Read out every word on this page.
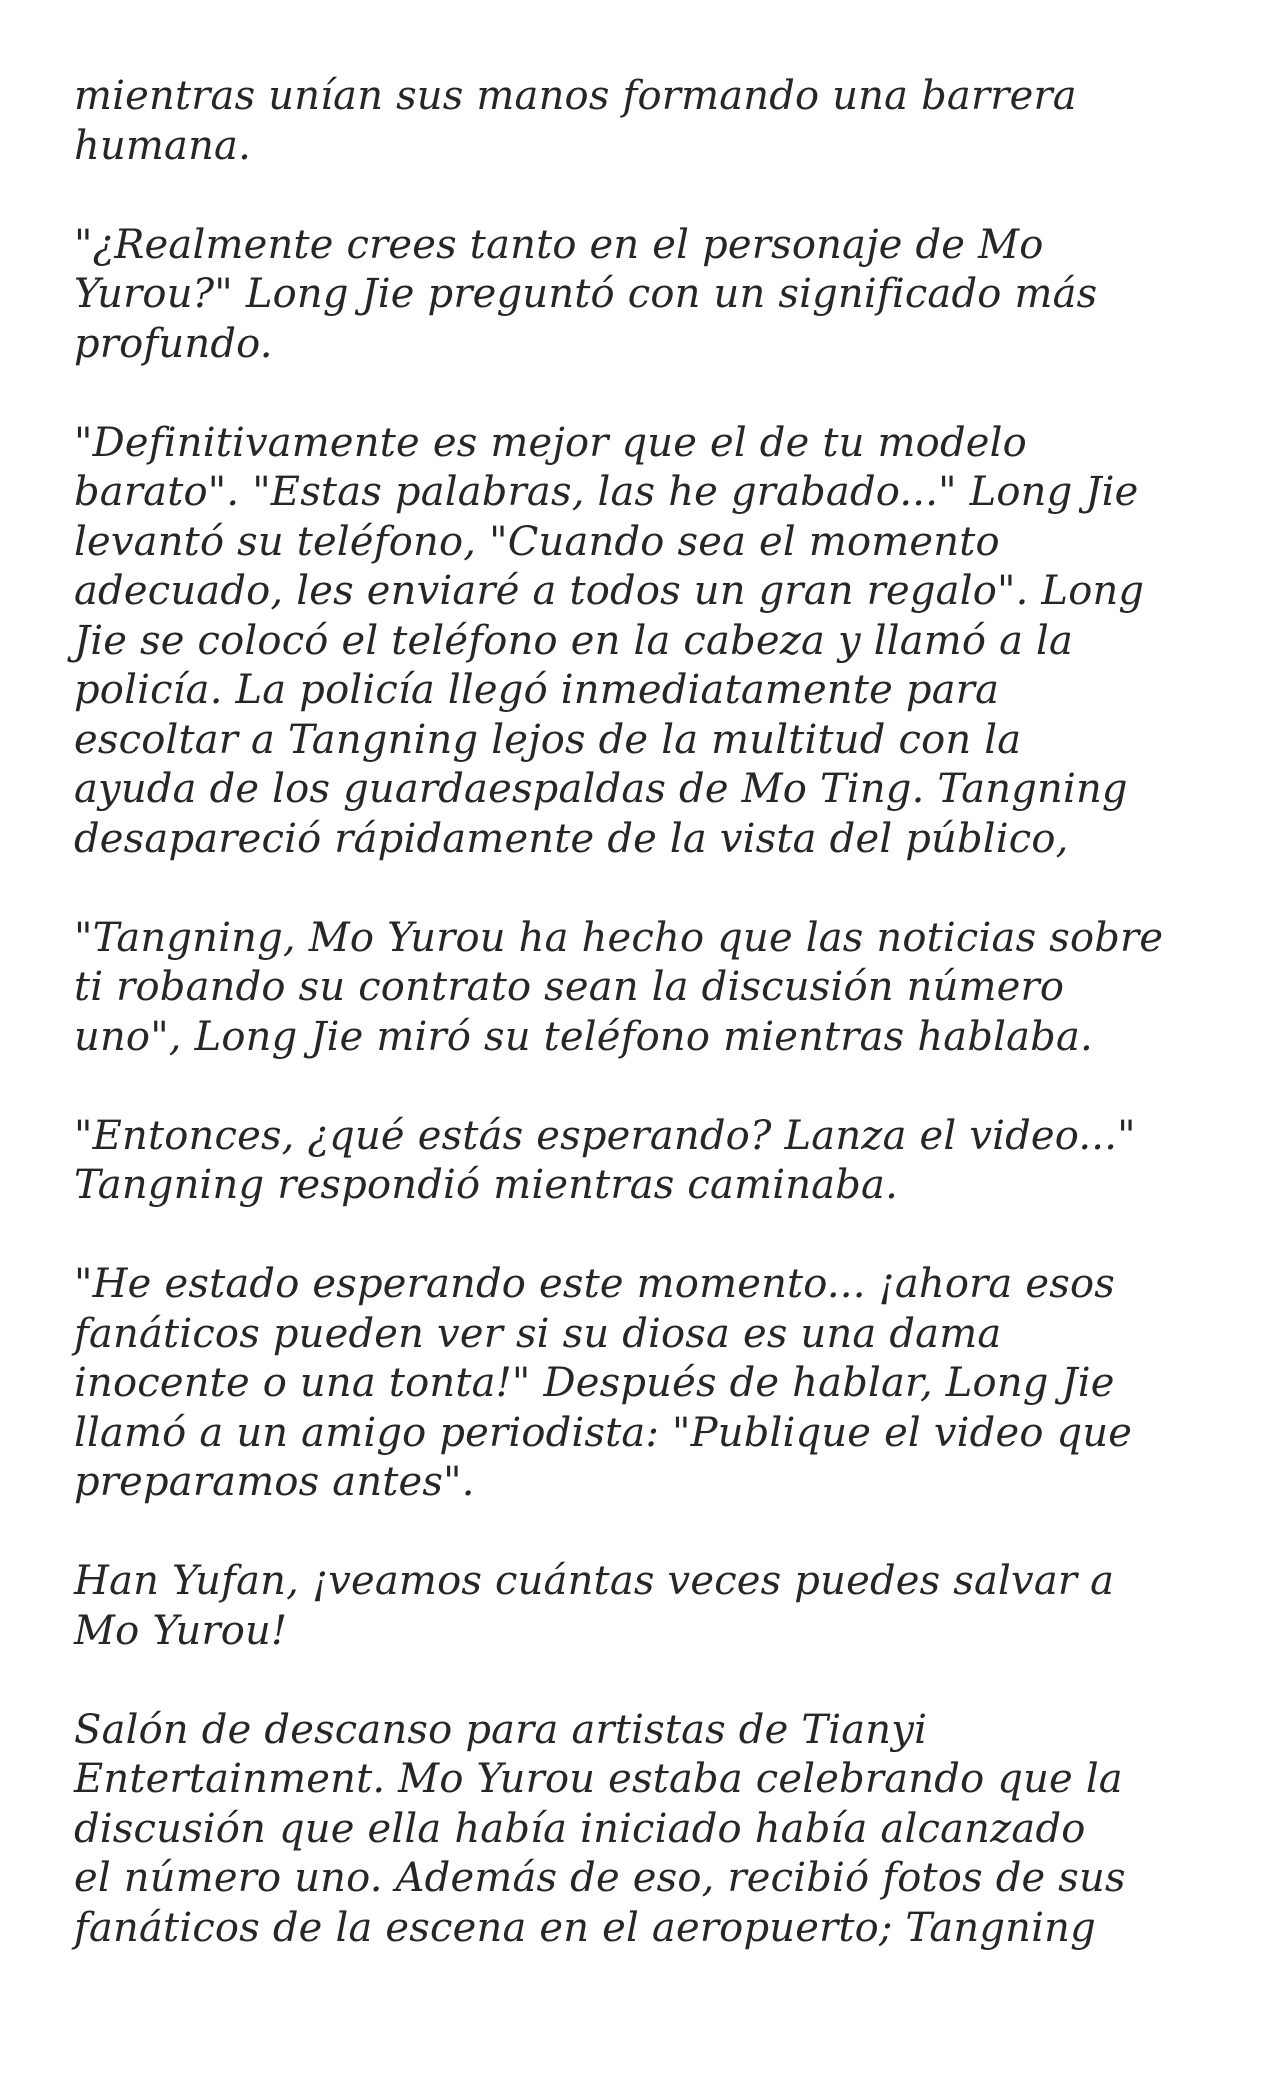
mientras unían sus manos formando una barrera
humana.

"¿Realmente crees tanto en el personaje de Mo
Yurou?" Long Jie preguntó con un significado más
profundo.

"Definitivamente es mejor que el de tu modelo
barato". "Estas palabras, las he grabado..." Long Jie
levantó su teléfono, "Cuando sea el momento
adecuado, les enviaré a todos un gran regalo". Long
Jie se colocó el teléfono en la cabeza y llamó a la
policía. La policía llegó inmediatamente para
escoltar a Tangning lejos de la multitud con la
ayuda de los guardaespaldas de Mo Ting. Tangning
desapareció rápidamente de la vista del público,

"Tangning, Mo Yurou ha hecho que las noticias sobre
ti robando su contrato sean la discusión número
uno", Long Jie miró su teléfono mientras hablaba.

"Entonces, ¿qué estás esperando? Lanza el video..."
Tangning respondió mientras caminaba.

"He estado esperando este momento... ¡ahora esos
fanáticos pueden ver si su diosa es una dama
inocente o una tonta!" Después de hablar, Long Jie
llamó a un amigo periodista: "Publique el video que
preparamos antes".

Han Yufan, ¡veamos cuántas veces puedes salvar a
Mo Yurou!

Salón de descanso para artistas de Tianyi
Entertainment. Mo Yurou estaba celebrando que la
discusión que ella había iniciado había alcanzado
el número uno. Además de eso, recibió fotos de sus
fanáticos de la escena en el aeropuerto; Tangning
